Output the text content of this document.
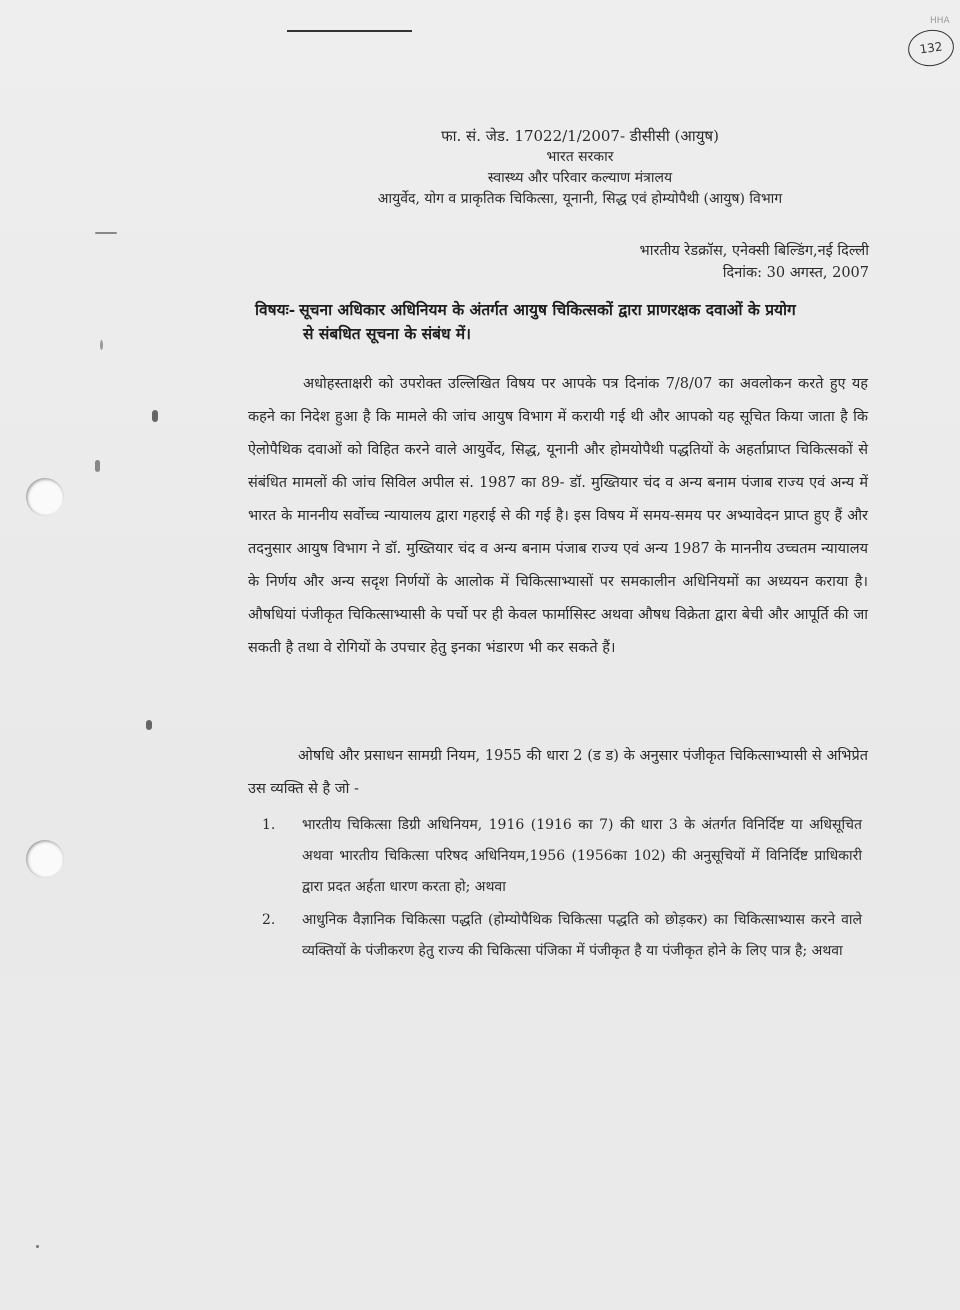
HHA
132
फा. सं. जेड. 17022/1/2007- डीसीसी (आयुष)
भारत सरकार
स्वास्थ्य और परिवार कल्याण मंत्रालय
आयुर्वेद, योग व प्राकृतिक चिकित्सा, यूनानी, सिद्ध एवं होम्योपैथी (आयुष) विभाग
भारतीय रेडक्रॉस, एनेक्सी बिल्डिंग,नई दिल्ली
दिनांक: 30 अगस्त, 2007
विषयः- सूचना अधिकार अधिनियम के अंतर्गत आयुष चिकित्सकों द्वारा प्राणरक्षक दवाओं के प्रयोग
से संबधित सूचना के संबंध में।
अधोहस्ताक्षरी को उपरोक्त उल्लिखित विषय पर आपके पत्र दिनांक 7/8/07 का अवलोकन करते हुए यह कहने का निदेश हुआ है कि मामले की जांच आयुष विभाग में करायी गई थी और आपको यह सूचित किया जाता है कि ऐलोपैथिक दवाओं को विहित करने वाले आयुर्वेद, सिद्ध, यूनानी और होमयोपैथी पद्धतियों के अहर्ताप्राप्त चिकित्सकों से संबंधित मामलों की जांच सिविल अपील सं. 1987 का 89- डॉ. मुख्तियार चंद व अन्य बनाम पंजाब राज्य एवं अन्य में भारत के माननीय सर्वोच्च न्यायालय द्वारा गहराई से की गई है। इस विषय में समय-समय पर अभ्यावेदन प्राप्त हुए हैं और तदनुसार आयुष विभाग ने डॉ. मुख्तियार चंद व अन्य बनाम पंजाब राज्य एवं अन्य 1987 के माननीय उच्चतम न्यायालय के निर्णय और अन्य सदृश निर्णयों के आलोक में चिकित्साभ्यासों पर समकालीन अधिनियमों का अध्ययन कराया है। औषधियां पंजीकृत चिकित्साभ्यासी के पर्चो पर ही केवल फार्मासिस्ट अथवा औषध विक्रेता द्वारा बेची और आपूर्ति की जा सकती है तथा वे रोगियों के उपचार हेतु इनका भंडारण भी कर सकते हैं।
ओषधि और प्रसाधन सामग्री नियम, 1955 की धारा 2 (ड ड) के अनुसार पंजीकृत चिकित्साभ्यासी से अभिप्रेत उस व्यक्ति से है जो -
1.	भारतीय चिकित्सा डिग्री अधिनियम, 1916 (1916 का 7) की धारा 3 के अंतर्गत विनिर्दिष्ट या अधिसूचित अथवा भारतीय चिकित्सा परिषद अधिनियम,1956 (1956का 102) की अनुसूचियों में विनिर्दिष्ट प्राधिकारी द्वारा प्रदत अर्हता धारण करता हो; अथवा
2.	आधुनिक वैज्ञानिक चिकित्सा पद्धति (होम्योपैथिक चिकित्सा पद्धति को छोड़कर) का चिकित्साभ्यास करने वाले व्यक्तियों के पंजीकरण हेतु राज्य की चिकित्सा पंजिका में पंजीकृत है या पंजीकृत होने के लिए पात्र है; अथवा
